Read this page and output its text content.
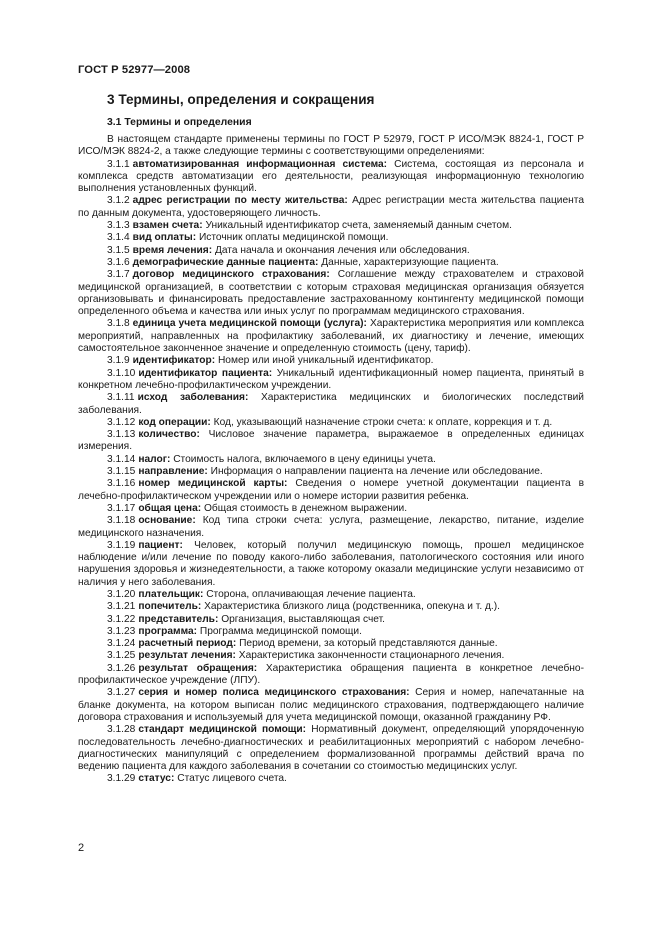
ГОСТ Р 52977—2008
3 Термины, определения и сокращения
3.1 Термины и определения

В настоящем стандарте применены термины по ГОСТ Р 52979, ГОСТ Р ИСО/МЭК 8824-1, ГОСТ Р ИСО/МЭК 8824-2, а также следующие термины с соответствующими определениями:

3.1.1 автоматизированная информационная система: Система, состоящая из персонала и комплекса средств автоматизации его деятельности, реализующая информационную технологию выполнения установленных функций.

3.1.2 адрес регистрации по месту жительства: Адрес регистрации места жительства пациента по данным документа, удостоверяющего личность.

3.1.3 взамен счета: Уникальный идентификатор счета, заменяемый данным счетом.

3.1.4 вид оплаты: Источник оплаты медицинской помощи.

3.1.5 время лечения: Дата начала и окончания лечения или обследования.

3.1.6 демографические данные пациента: Данные, характеризующие пациента.

3.1.7 договор медицинского страхования: Соглашение между страхователем и страховой медицинской организацией, в соответствии с которым страховая медицинская организация обязуется организовывать и финансировать предоставление застрахованному контингенту медицинской помощи определенного объема и качества или иных услуг по программам медицинского страхования.

3.1.8 единица учета медицинской помощи (услуга): Характеристика мероприятия или комплекса мероприятий, направленных на профилактику заболеваний, их диагностику и лечение, имеющих самостоятельное законченное значение и определенную стоимость (цену, тариф).

3.1.9 идентификатор: Номер или иной уникальный идентификатор.

3.1.10 идентификатор пациента: Уникальный идентификационный номер пациента, принятый в конкретном лечебно-профилактическом учреждении.

3.1.11 исход заболевания: Характеристика медицинских и биологических последствий заболевания.

3.1.12 код операции: Код, указывающий назначение строки счета: к оплате, коррекция и т. д.

3.1.13 количество: Числовое значение параметра, выражаемое в определенных единицах измерения.

3.1.14 налог: Стоимость налога, включаемого в цену единицы учета.

3.1.15 направление: Информация о направлении пациента на лечение или обследование.

3.1.16 номер медицинской карты: Сведения о номере учетной документации пациента в лечебно-профилактическом учреждении или о номере истории развития ребенка.

3.1.17 общая цена: Общая стоимость в денежном выражении.

3.1.18 основание: Код типа строки счета: услуга, размещение, лекарство, питание, изделие медицинского назначения.

3.1.19 пациент: Человек, который получил медицинскую помощь, прошел медицинское наблюдение и/или лечение по поводу какого-либо заболевания, патологического состояния или иного нарушения здоровья и жизнедеятельности, а также которому оказали медицинские услуги независимо от наличия у него заболевания.

3.1.20 плательщик: Сторона, оплачивающая лечение пациента.

3.1.21 попечитель: Характеристика близкого лица (родственника, опекуна и т. д.).

3.1.22 представитель: Организация, выставляющая счет.

3.1.23 программа: Программа медицинской помощи.

3.1.24 расчетный период: Период времени, за который представляются данные.

3.1.25 результат лечения: Характеристика законченности стационарного лечения.

3.1.26 результат обращения: Характеристика обращения пациента в конкретное лечебно-профилактическое учреждение (ЛПУ).

3.1.27 серия и номер полиса медицинского страхования: Серия и номер, напечатанные на бланке документа, на котором выписан полис медицинского страхования, подтверждающего наличие договора страхования и используемый для учета медицинской помощи, оказанной гражданину РФ.

3.1.28 стандарт медицинской помощи: Нормативный документ, определяющий упорядоченную последовательность лечебно-диагностических и реабилитационных мероприятий с набором лечебно-диагностических манипуляций с определением формализованной программы действий врача по ведению пациента для каждого заболевания в сочетании со стоимостью медицинских услуг.

3.1.29 статус: Статус лицевого счета.

2
